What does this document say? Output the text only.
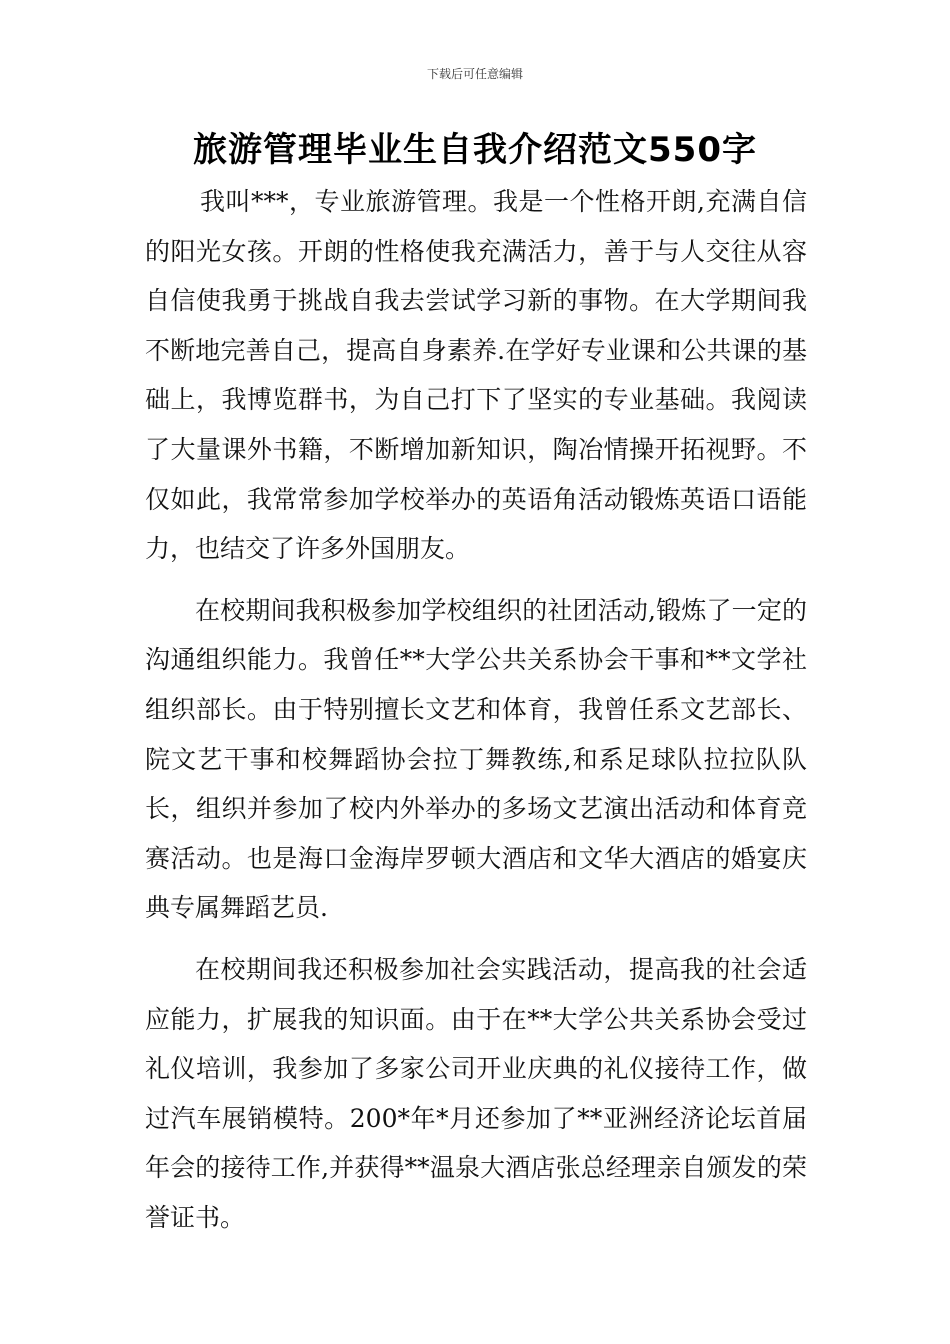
下载后可任意编辑
旅游管理毕业生自我介绍范文550字

我叫***，专业旅游管理。我是一个性格开朗,充满自信的阳光女孩。开朗的性格使我充满活力，善于与人交往从容自信使我勇于挑战自我去尝试学习新的事物。在大学期间我不断地完善自己，提高自身素养.在学好专业课和公共课的基础上，我博览群书，为自己打下了坚实的专业基础。我阅读了大量课外书籍，不断增加新知识，陶冶情操开拓视野。不仅如此，我常常参加学校举办的英语角活动锻炼英语口语能力，也结交了许多外国朋友。

在校期间我积极参加学校组织的社团活动,锻炼了一定的沟通组织能力。我曾任**大学公共关系协会干事和**文学社组织部长。由于特别擅长文艺和体育，我曾任系文艺部长、院文艺干事和校舞蹈协会拉丁舞教练,和系足球队拉拉队队长，组织并参加了校内外举办的多场文艺演出活动和体育竞赛活动。也是海口金海岸罗顿大酒店和文华大酒店的婚宴庆典专属舞蹈艺员.

在校期间我还积极参加社会实践活动，提高我的社会适应能力，扩展我的知识面。由于在**大学公共关系协会受过礼仪培训，我参加了多家公司开业庆典的礼仪接待工作，做过汽车展销模特。200*年*月还参加了**亚洲经济论坛首届年会的接待工作,并获得**温泉大酒店张总经理亲自颁发的荣誉证书。
